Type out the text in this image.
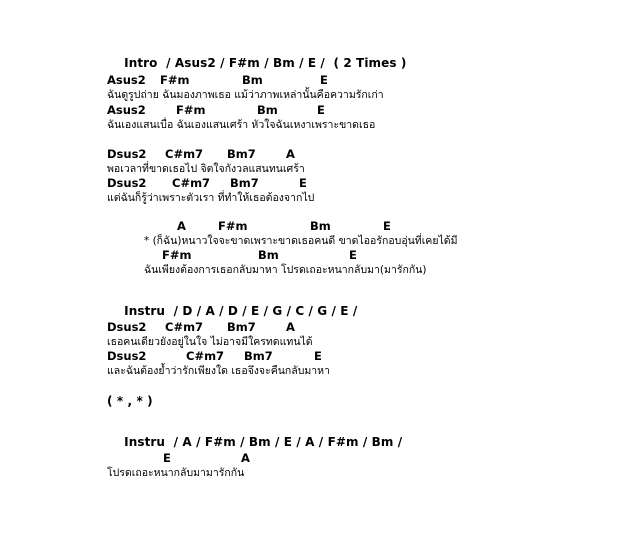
Intro / Asus2 / F#m / Bm / E / ( 2 Times )

Asus2 F#m	Bm	E
ฉันดูรูปถ่าย ฉันมองภาพเธอ แม้ว่าภาพเหล่านั้นคือความรักเก่า
Asus2	F#m	Bm	E
ฉันเองแสนเบื่อ ฉันเองแสนเศร้า หัวใจฉันเหงาเพราะขาดเธอ
Dsus2 C#m7 Bm7	A
พอเวลาที่ขาดเธอไป จิตใจกังวลแสนทนเศร้า
Dsus2 C#m7 Bm7	E
แต่ฉันก็รู้ว่าเพราะตัวเรา ที่ทำให้เธอต้องจากไป
A	F#m	Bm	E
* (ก็ฉัน)หนาวใจจะขาดเพราะขาดเธอคนดี ขาดไออรักอบอุ่นที่เคยได้มี
F#m	Bm	E
ฉันเพียงต้องการเธอกลับมาหา โปรดเถอะหนากลับมา(มารักกัน)

Instru / D / A / D / E / G / C / G / E /

Dsus2 C#m7 Bm7	A
เธอคนเดียวยังอยู่ในใจ ไม่อาจมีใครทดแทนได้
Dsus2	C#m7 Bm7	E
และฉันต้องย้ำว่ารักเพียงใด เธอจึงจะคืนกลับมาหา
( * , * )

Instru / A / F#m / Bm / E / A / F#m / Bm /

E	A
โปรดเถอะหนากลับมามารักกัน
